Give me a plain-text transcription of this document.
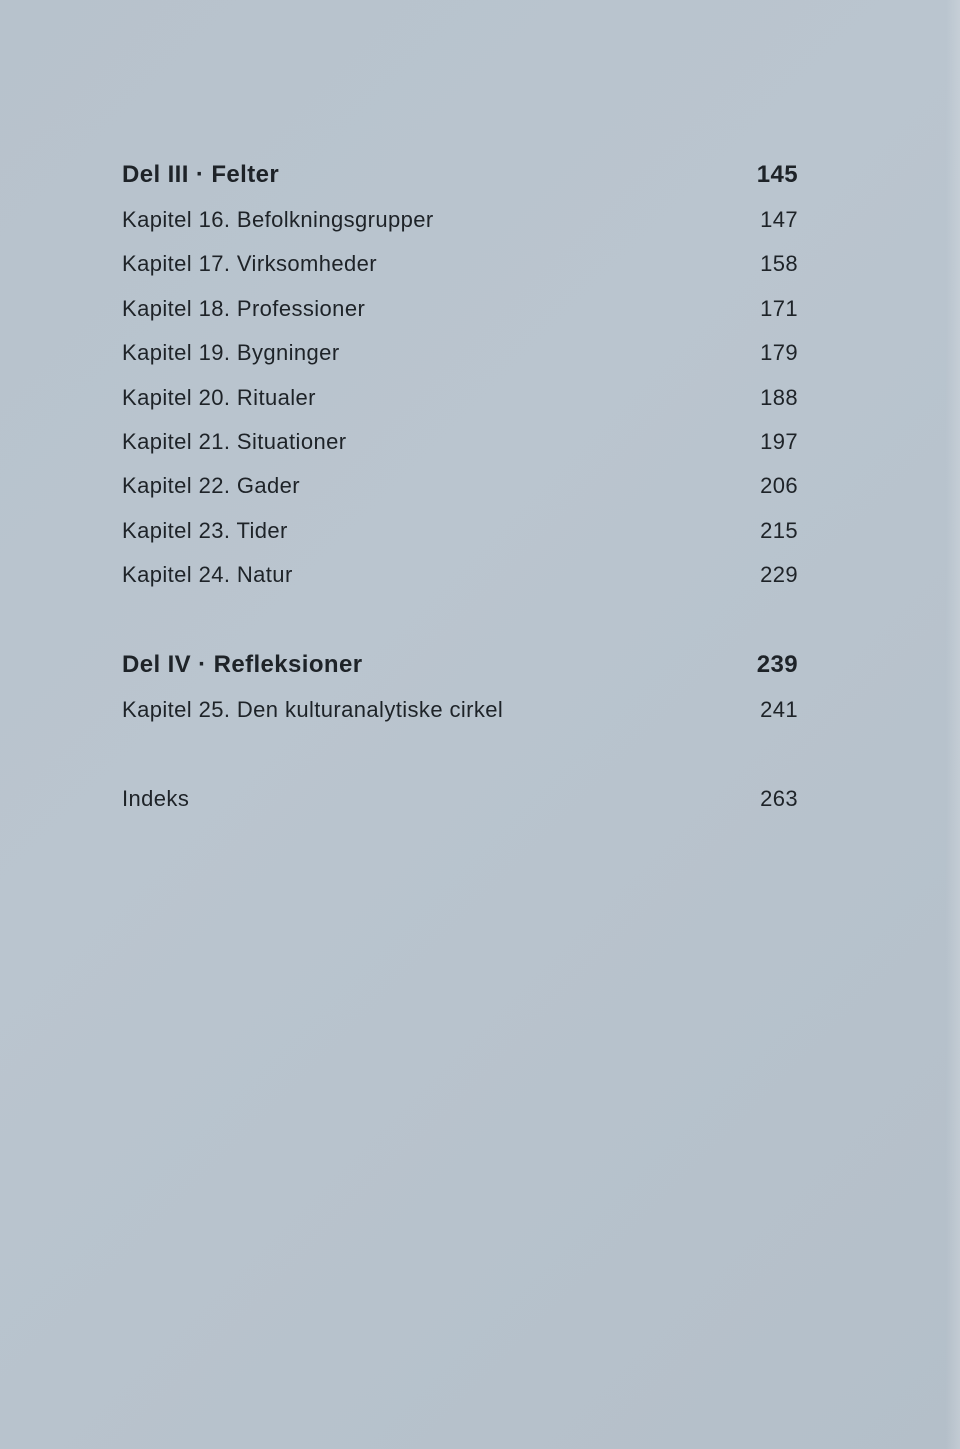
Del III · Felter	145
Kapitel 16. Befolkningsgrupper	147
Kapitel 17. Virksomheder	158
Kapitel 18. Professioner	171
Kapitel 19. Bygninger	179
Kapitel 20. Ritualer	188
Kapitel 21. Situationer	197
Kapitel 22. Gader	206
Kapitel 23. Tider	215
Kapitel 24. Natur	229
Del IV · Refleksioner	239
Kapitel 25. Den kulturanalytiske cirkel	241
Indeks	263
